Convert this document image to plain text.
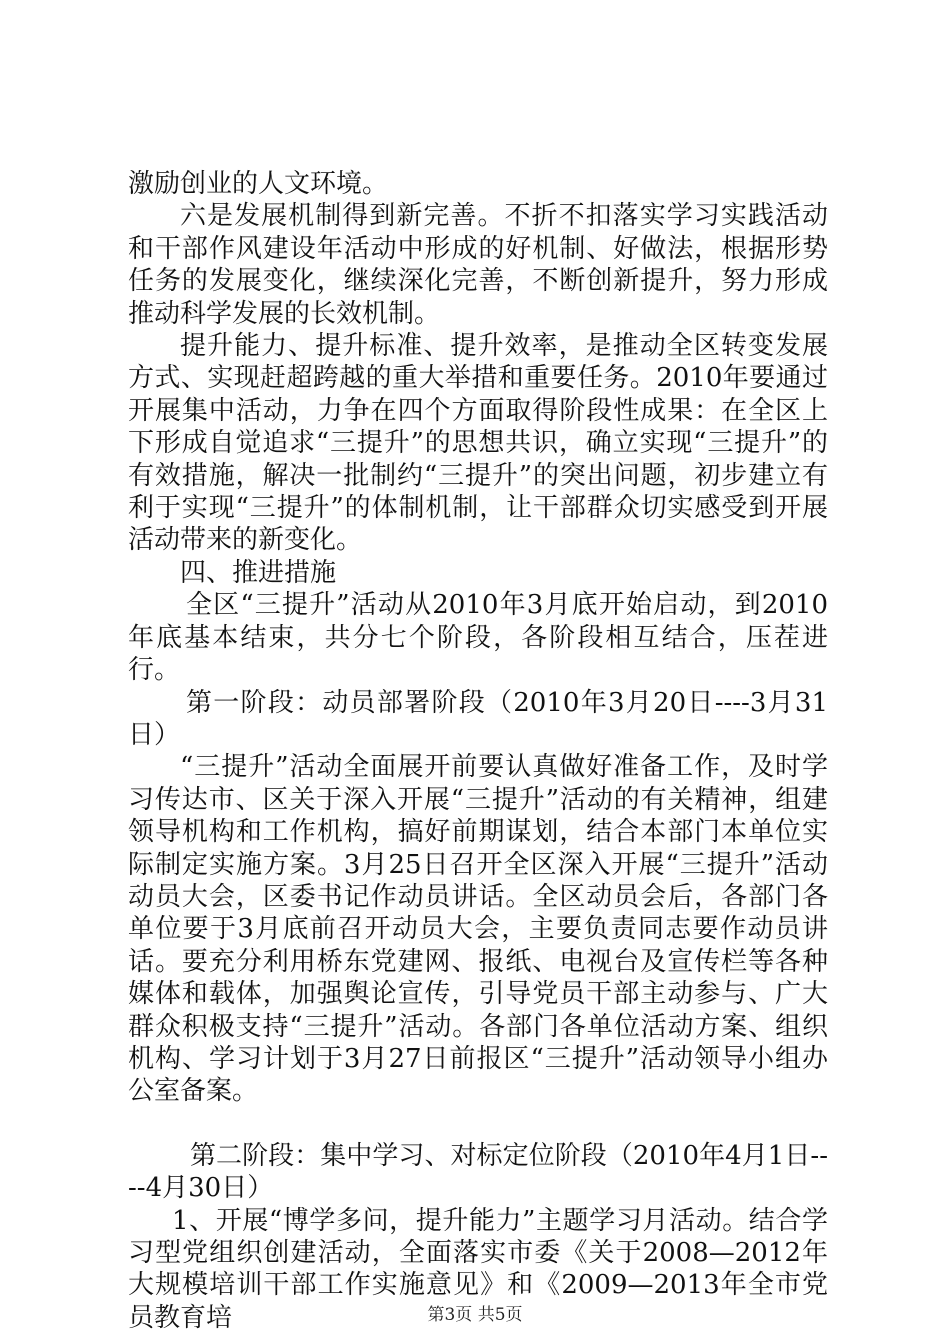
激励创业的人文环境。

六是发展机制得到新完善。不折不扣落实学习实践活动和干部作风建设年活动中形成的好机制、好做法，根据形势任务的发展变化，继续深化完善，不断创新提升，努力形成推动科学发展的长效机制。

提升能力、提升标准、提升效率，是推动全区转变发展方式、实现赶超跨越的重大举措和重要任务。2010年要通过开展集中活动，力争在四个方面取得阶段性成果：在全区上下形成自觉追求“三提升”的思想共识，确立实现“三提升”的有效措施，解决一批制约“三提升”的突出问题，初步建立有利于实现“三提升”的体制机制，让干部群众切实感受到开展活动带来的新变化。

四、推进措施

全区“三提升”活动从2010年3月底开始启动，到2010年底基本结束，共分七个阶段，各阶段相互结合，压茬进行。

第一阶段：动员部署阶段（2010年3月20日----3月31日）

“三提升”活动全面展开前要认真做好准备工作，及时学习传达市、区关于深入开展“三提升”活动的有关精神，组建领导机构和工作机构，搞好前期谋划，结合本部门本单位实际制定实施方案。3月25日召开全区深入开展“三提升”活动动员大会，区委书记作动员讲话。全区动员会后，各部门各单位要于3月底前召开动员大会，主要负责同志要作动员讲话。要充分利用桥东党建网、报纸、电视台及宣传栏等各种媒体和载体，加强舆论宣传，引导党员干部主动参与、广大群众积极支持“三提升”活动。各部门各单位活动方案、组织机构、学习计划于3月27日前报区“三提升”活动领导小组办公室备案。

第二阶段：集中学习、对标定位阶段（2010年4月1日----4月30日）

1、开展“博学多问，提升能力”主题学习月活动。结合学习型党组织创建活动，全面落实市委《关于2008—2012年大规模培训干部工作实施意见》和《2009—2013年全市党员教育培	第3页 共5页
